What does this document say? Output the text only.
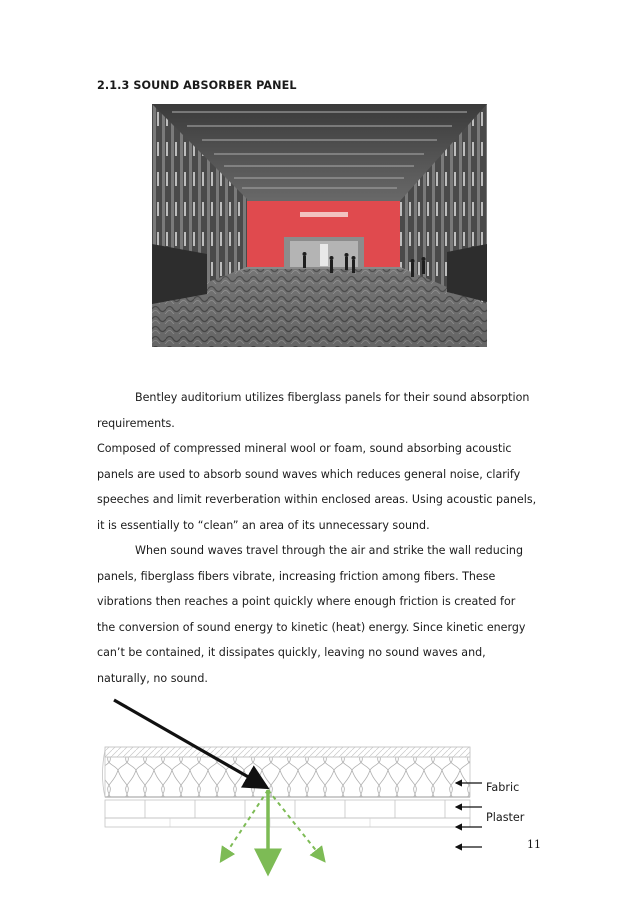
2.1.3 SOUND ABSORBER PANEL

Bentley auditorium utilizes fiberglass panels for their sound absorption
requirements.

Composed of compressed mineral wool or foam, sound absorbing acoustic
panels are used to absorb sound waves which reduces general noise, clarify
speeches and limit reverberation within enclosed areas. Using acoustic panels,
it is essentially to “clean” an area of its unnecessary sound.

When sound waves travel through the air and strike the wall reducing
panels, fiberglass fibers vibrate, increasing friction among fibers. These
vibrations then reaches a point quickly where enough friction is created for
the conversion of sound energy to kinetic (heat) energy. Since kinetic energy
can’t be contained, it dissipates quickly, leaving no sound waves and,
naturally, no sound.

Fabric
Plaster
11
